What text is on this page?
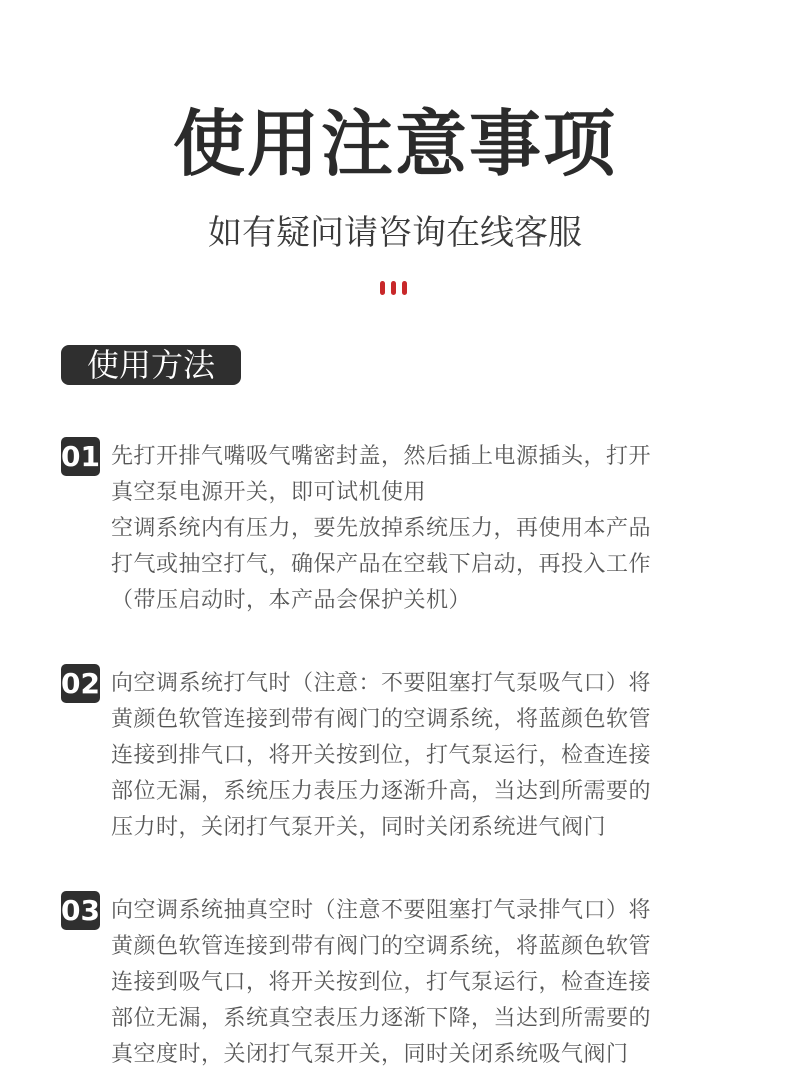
使用注意事项
如有疑问请咨询在线客服
使用方法
01 先打开排气嘴吸气嘴密封盖，然后插上电源插头，打开
真空泵电源开关，即可试机使用
空调系统内有压力，要先放掉系统压力，再使用本产品
打气或抽空打气，确保产品在空载下启动，再投入工作
（带压启动时，本产品会保护关机）
02 向空调系统打气时（注意：不要阻塞打气泵吸气口）将
黄颜色软管连接到带有阀门的空调系统，将蓝颜色软管
连接到排气口，将开关按到位，打气泵运行，检查连接
部位无漏，系统压力表压力逐渐升高，当达到所需要的
压力时，关闭打气泵开关，同时关闭系统进气阀门
03 向空调系统抽真空时（注意不要阻塞打气录排气口）将
黄颜色软管连接到带有阀门的空调系统，将蓝颜色软管
连接到吸气口，将开关按到位，打气泵运行，检查连接
部位无漏，系统真空表压力逐渐下降，当达到所需要的
真空度时，关闭打气泵开关，同时关闭系统吸气阀门
